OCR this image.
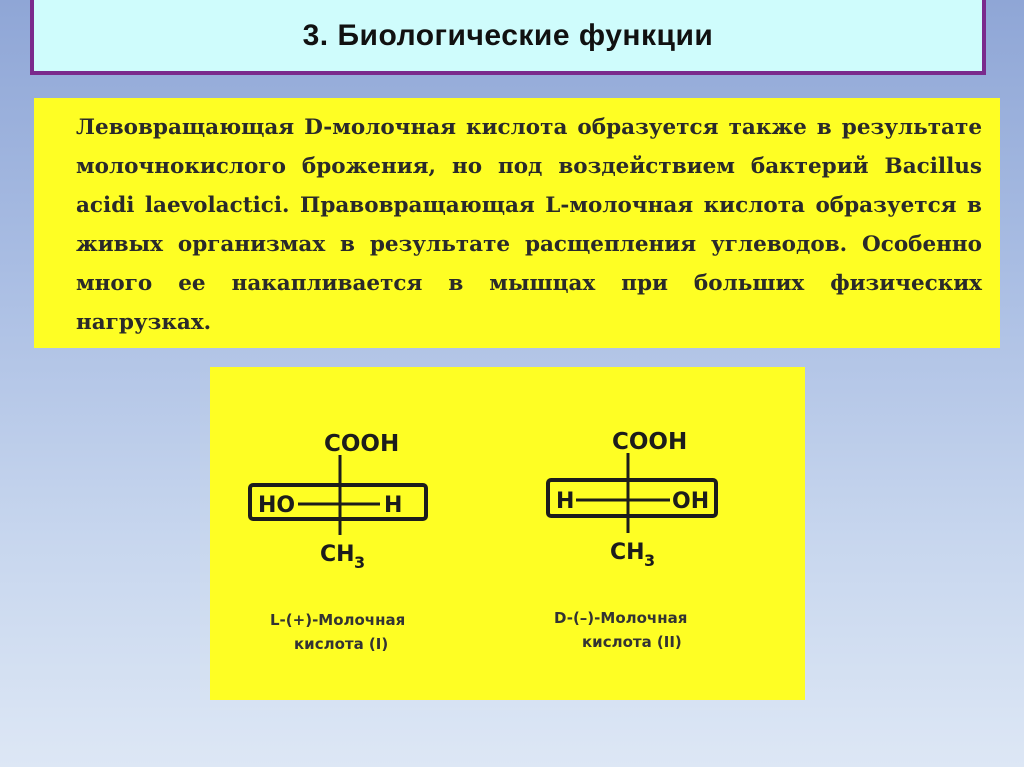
3. Биологические функции

Левовращающая D-молочная кислота образуется также в результате молочнокислого брожения, но под воздействием бактерий Bacillus acidi laevolactici. Правовращающая L-молочная кислота образуется в живых организмах в результате расщепления углеводов. Особенно много ее накапливается в мышцах при больших физических нагрузках.

COOH
HO	H
CH 3
L-(+)-Молочная
кислота (I)
COOH
H	OH
CH 3
D-(–)-Молочная
кислота (II)
